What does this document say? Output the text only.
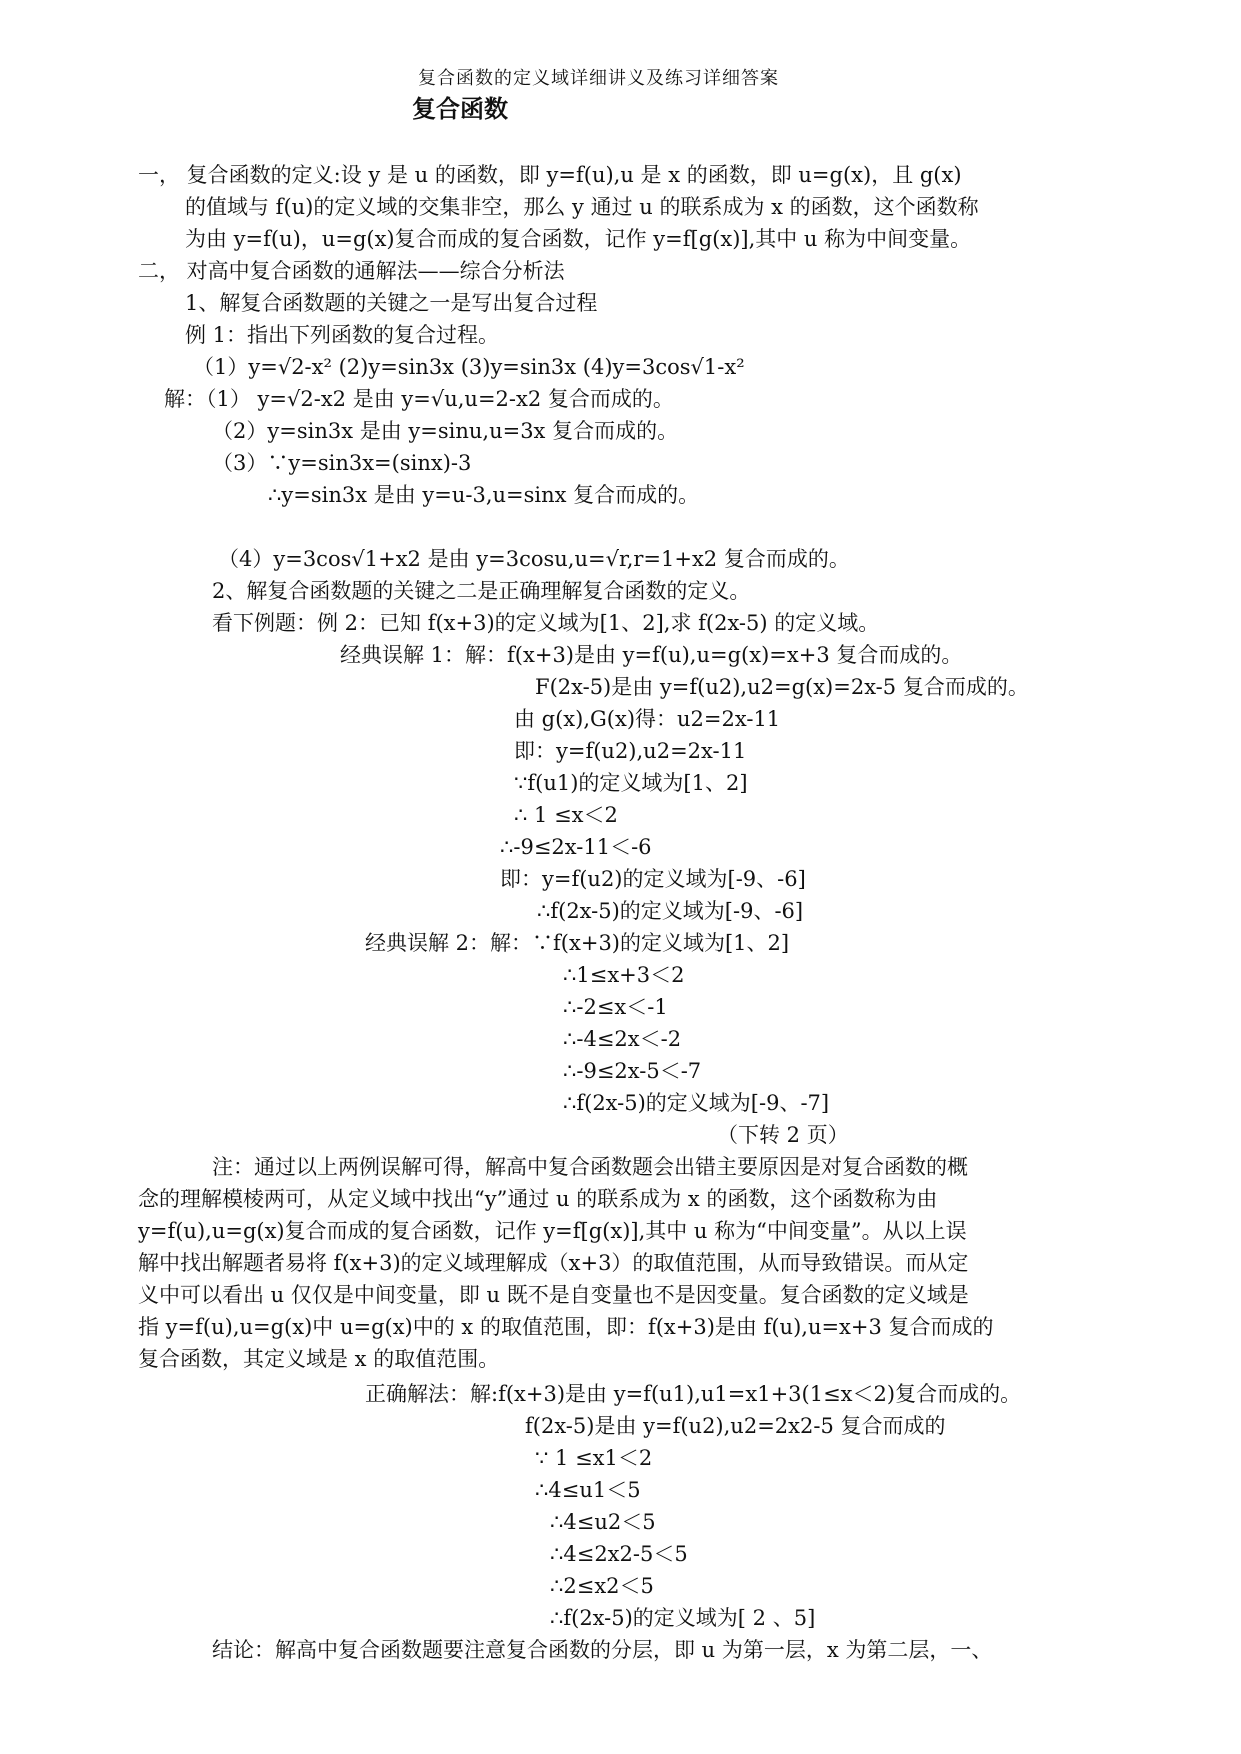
复合函数的定义域详细讲义及练习详细答案
复合函数
一， 复合函数的定义:设 y 是 u 的函数，即 y=f(u),u 是 x 的函数，即 u=g(x)，且 g(x)
的值域与 f(u)的定义域的交集非空，那么 y 通过 u 的联系成为 x 的函数，这个函数称
为由 y=f(u)，u=g(x)复合而成的复合函数，记作 y=f[g(x)],其中 u 称为中间变量。
二， 对高中复合函数的通解法——综合分析法
1、解复合函数题的关键之一是写出复合过程
例 1：指出下列函数的复合过程。
（1）y=√2-x² (2)y=sin3x (3)y=sin3x (4)y=3cos√1-x²
解：（1） y=√2-x2 是由 y=√u,u=2-x2 复合而成的。
（2）y=sin3x 是由 y=sinu,u=3x 复合而成的。
（3）∵y=sin3x=(sinx)-3
∴y=sin3x 是由 y=u-3,u=sinx 复合而成的。
（4）y=3cos√1+x2 是由 y=3cosu,u=√r,r=1+x2 复合而成的。
2、解复合函数题的关键之二是正确理解复合函数的定义。
看下例题：例 2：已知 f(x+3)的定义域为[1、2],求 f(2x-5) 的定义域。
经典误解 1：解：f(x+3)是由 y=f(u),u=g(x)=x+3 复合而成的。
F(2x-5)是由 y=f(u2),u2=g(x)=2x-5 复合而成的。
由 g(x),G(x)得：u2=2x-11
即：y=f(u2),u2=2x-11
∵f(u1)的定义域为[1、2]
∴ 1 ≤x＜2
∴-9≤2x-11＜-6
即：y=f(u2)的定义域为[-9、-6]
∴f(2x-5)的定义域为[-9、-6]
经典误解 2：解：∵f(x+3)的定义域为[1、2]
∴1≤x+3＜2
∴-2≤x＜-1
∴-4≤2x＜-2
∴-9≤2x-5＜-7
∴f(2x-5)的定义域为[-9、-7]
（下转 2 页）
注：通过以上两例误解可得，解高中复合函数题会出错主要原因是对复合函数的概
念的理解模棱两可，从定义域中找出“y”通过 u 的联系成为 x 的函数，这个函数称为由
y=f(u),u=g(x)复合而成的复合函数，记作 y=f[g(x)],其中 u 称为“中间变量”。从以上误
解中找出解题者易将 f(x+3)的定义域理解成（x+3）的取值范围，从而导致错误。而从定
义中可以看出 u 仅仅是中间变量，即 u 既不是自变量也不是因变量。复合函数的定义域是
指 y=f(u),u=g(x)中 u=g(x)中的 x 的取值范围，即：f(x+3)是由 f(u),u=x+3 复合而成的
复合函数，其定义域是 x 的取值范围。
正确解法：解:f(x+3)是由 y=f(u1),u1=x1+3(1≤x＜2)复合而成的。
f(2x-5)是由 y=f(u2),u2=2x2-5 复合而成的
∵ 1 ≤x1＜2
∴4≤u1＜5
∴4≤u2＜5
∴4≤2x2-5＜5
∴2≤x2＜5
∴f(2x-5)的定义域为[ 2 、5]
结论：解高中复合函数题要注意复合函数的分层，即 u 为第一层，x 为第二层，一、
